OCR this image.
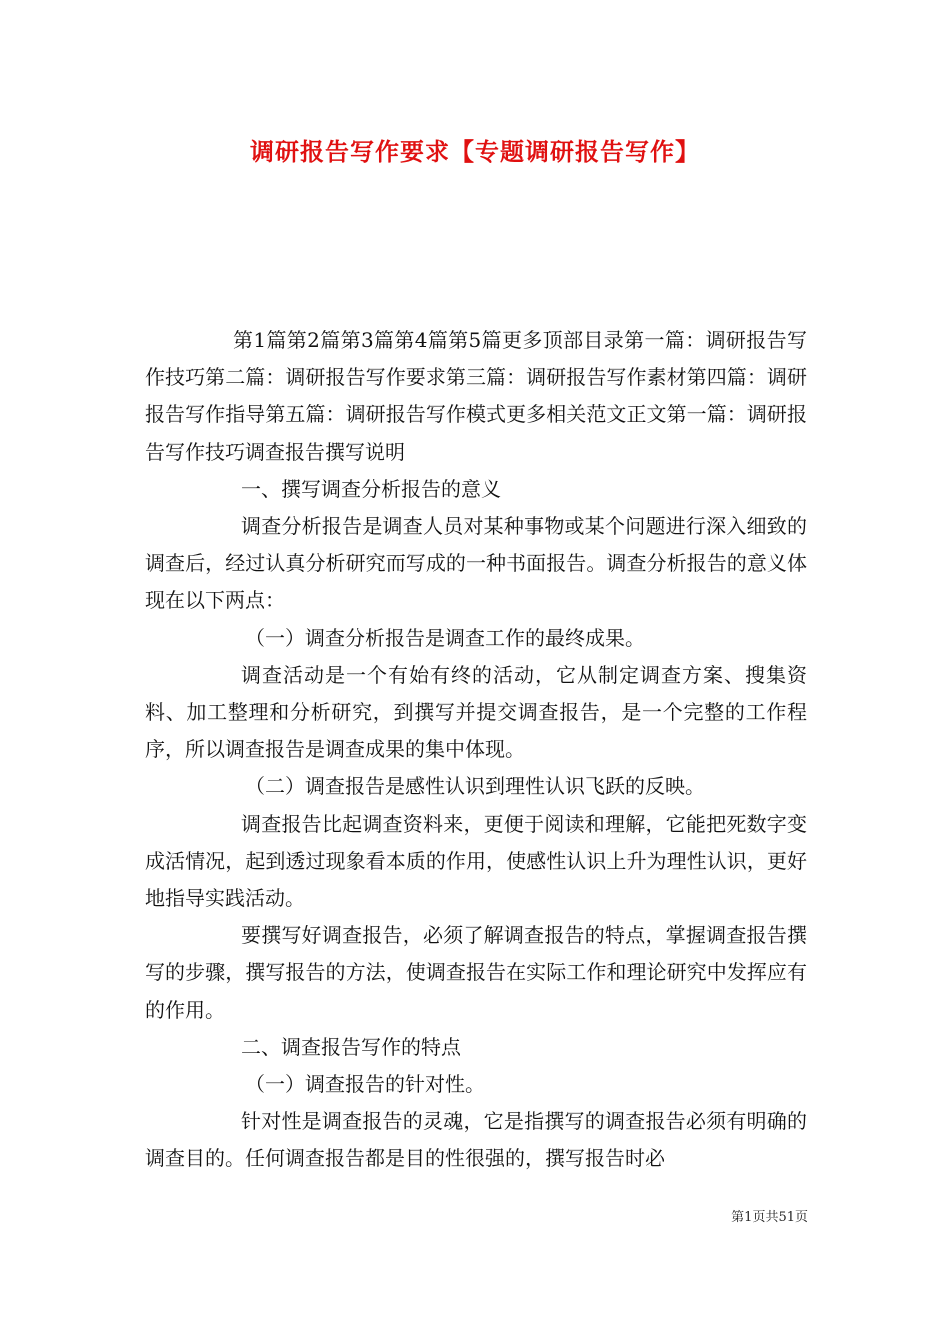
调研报告写作要求【专题调研报告写作】

第1篇第2篇第3篇第4篇第5篇更多顶部目录第一篇：调研报告写作技巧第二篇：调研报告写作要求第三篇：调研报告写作素材第四篇：调研报告写作指导第五篇：调研报告写作模式更多相关范文正文第一篇：调研报告写作技巧调查报告撰写说明

一、撰写调查分析报告的意义

调查分析报告是调查人员对某种事物或某个问题进行深入细致的调查后，经过认真分析研究而写成的一种书面报告。调查分析报告的意义体现在以下两点：

（一）调查分析报告是调查工作的最终成果。

调查活动是一个有始有终的活动，它从制定调查方案、搜集资料、加工整理和分析研究，到撰写并提交调查报告，是一个完整的工作程序，所以调查报告是调查成果的集中体现。

（二）调查报告是感性认识到理性认识飞跃的反映。

调查报告比起调查资料来，更便于阅读和理解，它能把死数字变成活情况，起到透过现象看本质的作用，使感性认识上升为理性认识，更好地指导实践活动。

要撰写好调查报告，必须了解调查报告的特点，掌握调查报告撰写的步骤，撰写报告的方法，使调查报告在实际工作和理论研究中发挥应有的作用。

二、调查报告写作的特点

（一）调查报告的针对性。

针对性是调查报告的灵魂，它是指撰写的调查报告必须有明确的调查目的。任何调查报告都是目的性很强的，撰写报告时必

第1页共51页
